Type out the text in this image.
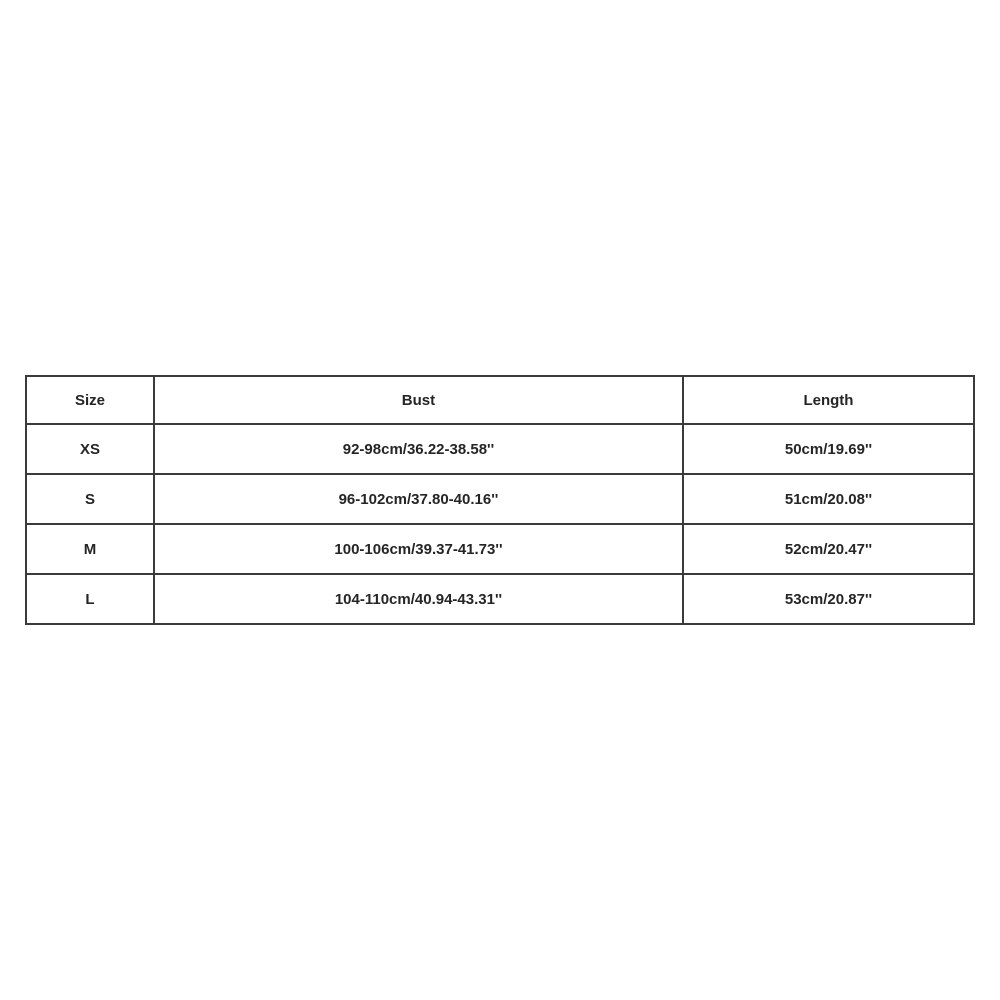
Size	Bust	Length
XS	92-98cm/36.22-38.58''	50cm/19.69''
S	96-102cm/37.80-40.16''	51cm/20.08''
M	100-106cm/39.37-41.73''	52cm/20.47''
L	104-110cm/40.94-43.31''	53cm/20.87''
